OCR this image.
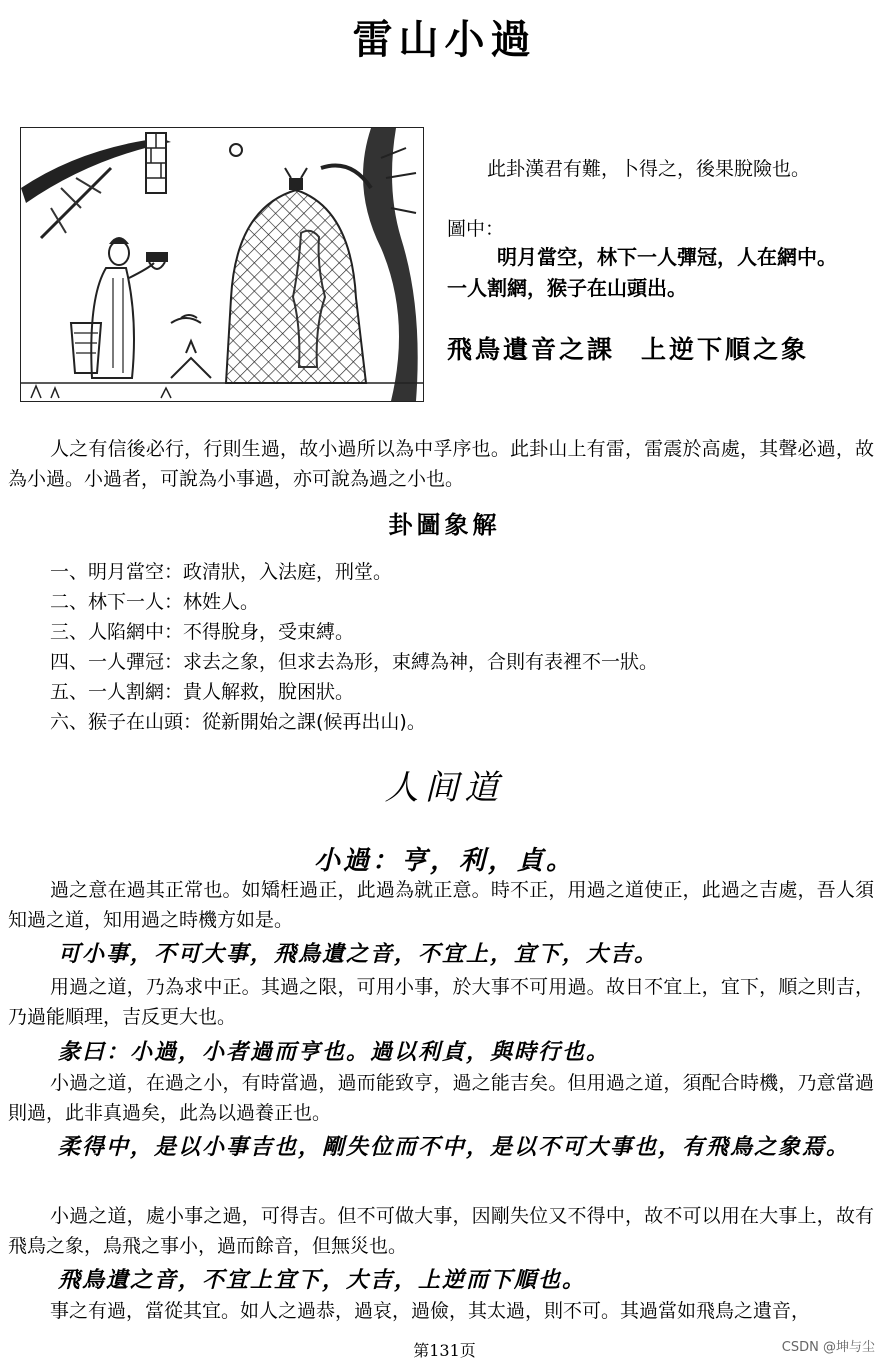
雷山小過
此卦漢君有難，卜得之，後果脫險也。
圖中：
明月當空，林下一人彈冠，人在網中。
一人割網，猴子在山頭出。
飛鳥遺音之課 上逆下順之象
人之有信後必行，行則生過，故小過所以為中孚序也。此卦山上有雷，雷震於高處，其聲必過，故為小過。小過者，可說為小事過，亦可說為過之小也。
卦圖象解
一、明月當空：政清狀，入法庭，刑堂。
二、林下一人：林姓人。
三、人陷網中：不得脫身，受束縛。
四、一人彈冠：求去之象，但求去為形，束縛為神，合則有表裡不一狀。
五、一人割網：貴人解救，脫困狀。
六、猴子在山頭：從新開始之課(候再出山)。
人间道
小過：亨，利，貞。
過之意在過其正常也。如矯枉過正，此過為就正意。時不正，用過之道使正，此過之吉處，吾人須知過之道，知用過之時機方如是。
可小事，不可大事，飛鳥遺之音，不宜上，宜下，大吉。
用過之道，乃為求中正。其過之限，可用小事，於大事不可用過。故日不宜上，宜下，順之則吉，乃過能順理，吉反更大也。
彖曰：小過，小者過而亨也。過以利貞，與時行也。
小過之道，在過之小，有時當過，過而能致亨，過之能吉矣。但用過之道，須配合時機，乃意當過則過，此非真過矣，此為以過養正也。
柔得中，是以小事吉也，剛失位而不中，是以不可大事也，有飛鳥之象焉。
小過之道，處小事之過，可得吉。但不可做大事，因剛失位又不得中，故不可以用在大事上，故有飛鳥之象，鳥飛之事小，過而餘音，但無災也。
飛鳥遺之音，不宜上宜下，大吉，上逆而下順也。
事之有過，當從其宜。如人之過恭，過哀，過儉，其太過，則不可。其過當如飛鳥之遺音，
第131页	CSDN @坤与尘
